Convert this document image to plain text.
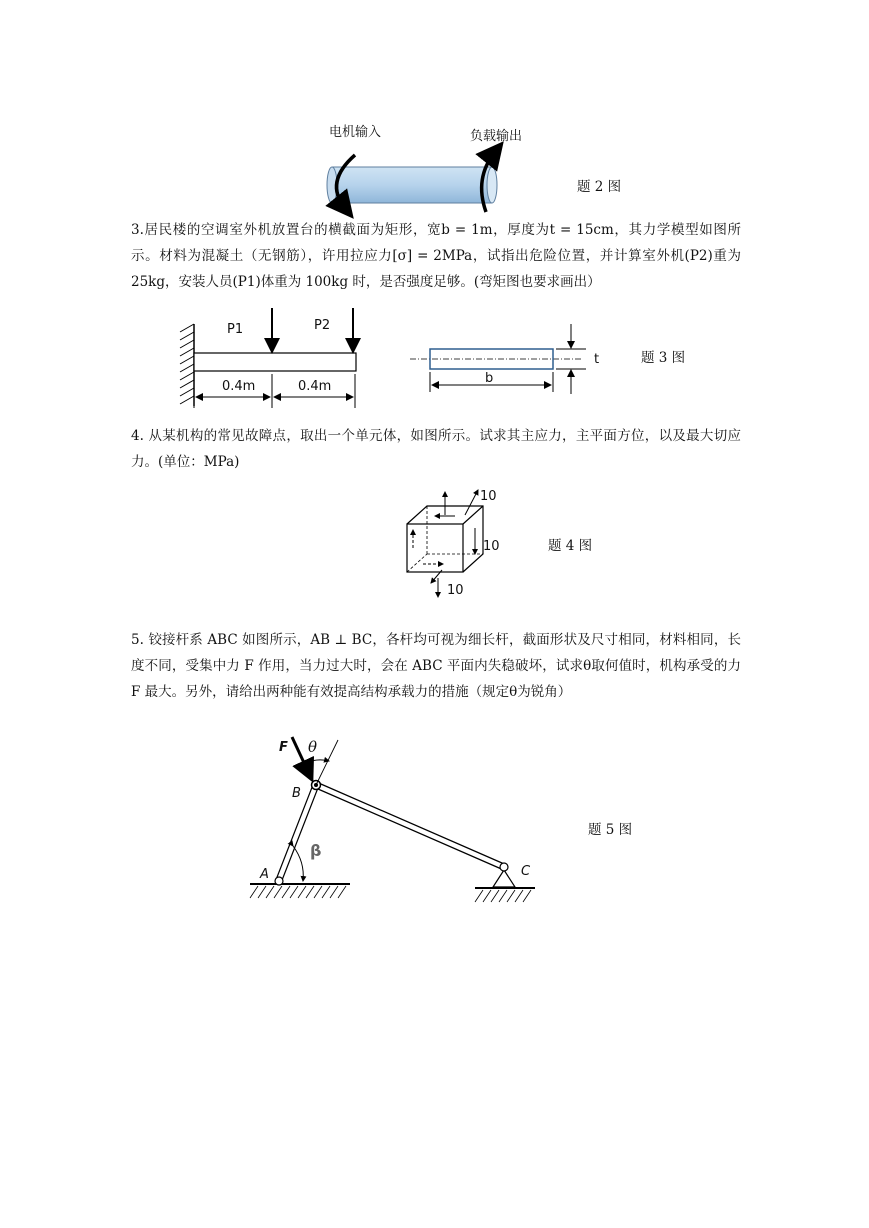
电机输入	负载输出
题 2 图

3.居民楼的空调室外机放置台的横截面为矩形，宽b = 1m，厚度为t = 15cm，其力学模型如图所示。材料为混凝土（无钢筋），许用拉应力[σ] = 2MPa，试指出危险位置，并计算室外机(P2)重为 25kg，安装人员(P1)体重为 100kg 时，是否强度足够。(弯矩图也要求画出）

P1	P2
0.4m	0.4m
b
t	题 3 图

4. 从某机构的常见故障点，取出一个单元体，如图所示。试求其主应力，主平面方位，以及最大切应力。(单位：MPa)

10
10
10
题 4 图

5. 铰接杆系 ABC 如图所示，AB ⊥ BC，各杆均可视为细长杆，截面形状及尺寸相同，材料相同，长度不同，受集中力 F 作用，当力过大时，会在 ABC 平面内失稳破坏，试求θ取何值时，机构承受的力 F 最大。另外，请给出两种能有效提高结构承载力的措施（规定θ为锐角）

F θ
B
A	C
β
题 5 图
